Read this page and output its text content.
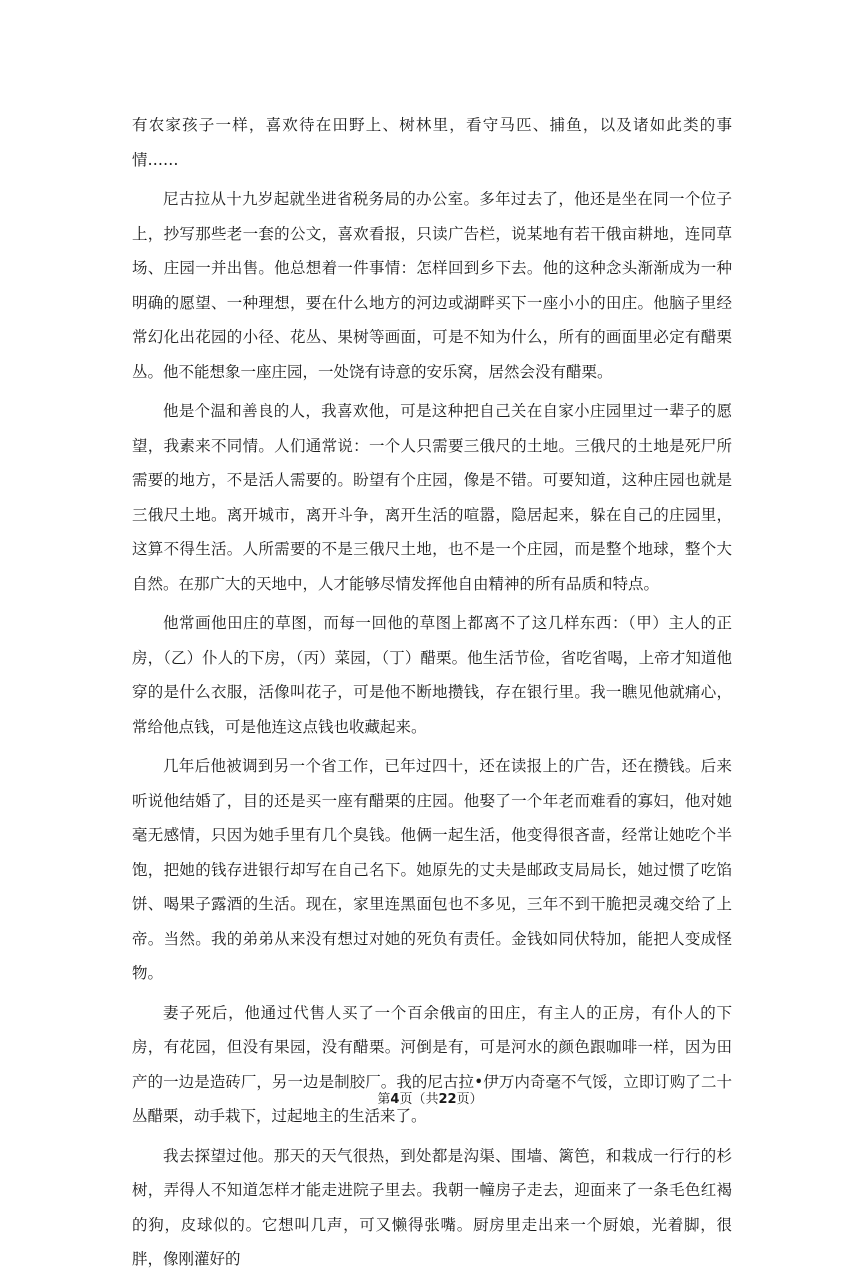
有农家孩子一样，喜欢待在田野上、树林里，看守马匹、捕鱼，以及诸如此类的事情……

尼古拉从十九岁起就坐进省税务局的办公室。多年过去了，他还是坐在同一个位子上，抄写那些老一套的公文，喜欢看报，只读广告栏，说某地有若干俄亩耕地，连同草场、庄园一并出售。他总想着一件事情：怎样回到乡下去。他的这种念头渐渐成为一种明确的愿望、一种理想，要在什么地方的河边或湖畔买下一座小小的田庄。他脑子里经常幻化出花园的小径、花丛、果树等画面，可是不知为什么，所有的画面里必定有醋栗丛。他不能想象一座庄园，一处饶有诗意的安乐窝，居然会没有醋栗。

他是个温和善良的人，我喜欢他，可是这种把自己关在自家小庄园里过一辈子的愿望，我素来不同情。人们通常说：一个人只需要三俄尺的土地。三俄尺的土地是死尸所需要的地方，不是活人需要的。盼望有个庄园，像是不错。可要知道，这种庄园也就是三俄尺土地。离开城市，离开斗争，离开生活的喧嚣，隐居起来，躲在自己的庄园里，这算不得生活。人所需要的不是三俄尺土地，也不是一个庄园，而是整个地球，整个大自然。在那广大的天地中，人才能够尽情发挥他自由精神的所有品质和特点。

他常画他田庄的草图，而每一回他的草图上都离不了这几样东西：（甲）主人的正房，（乙）仆人的下房，（丙）菜园，（丁）醋栗。他生活节俭，省吃省喝，上帝才知道他穿的是什么衣服，活像叫花子，可是他不断地攒钱，存在银行里。我一瞧见他就痛心，常给他点钱，可是他连这点钱也收藏起来。

几年后他被调到另一个省工作，已年过四十，还在读报上的广告，还在攒钱。后来听说他结婚了，目的还是买一座有醋栗的庄园。他娶了一个年老而难看的寡妇，他对她毫无感情，只因为她手里有几个臭钱。他俩一起生活，他变得很吝啬，经常让她吃个半饱，把她的钱存进银行却写在自己名下。她原先的丈夫是邮政支局局长，她过惯了吃馅饼、喝果子露酒的生活。现在，家里连黑面包也不多见，三年不到干脆把灵魂交给了上帝。当然。我的弟弟从来没有想过对她的死负有责任。金钱如同伏特加，能把人变成怪物。

妻子死后，他通过代售人买了一个百余俄亩的田庄，有主人的正房，有仆人的下房，有花园，但没有果园，没有醋栗。河倒是有，可是河水的颜色跟咖啡一样，因为田产的一边是造砖厂，另一边是制胶厂。我的尼古拉•伊万内奇毫不气馁，立即订购了二十丛醋栗，动手栽下，过起地主的生活来了。

我去探望过他。那天的天气很热，到处都是沟渠、围墙、篱笆，和栽成一行行的杉树，弄得人不知道怎样才能走进院子里去。我朝一幢房子走去，迎面来了一条毛色红褐的狗，皮球似的。它想叫几声，可又懒得张嘴。厨房里走出来一个厨娘，光着脚，很胖，像刚灌好的

第4页（共22页）
